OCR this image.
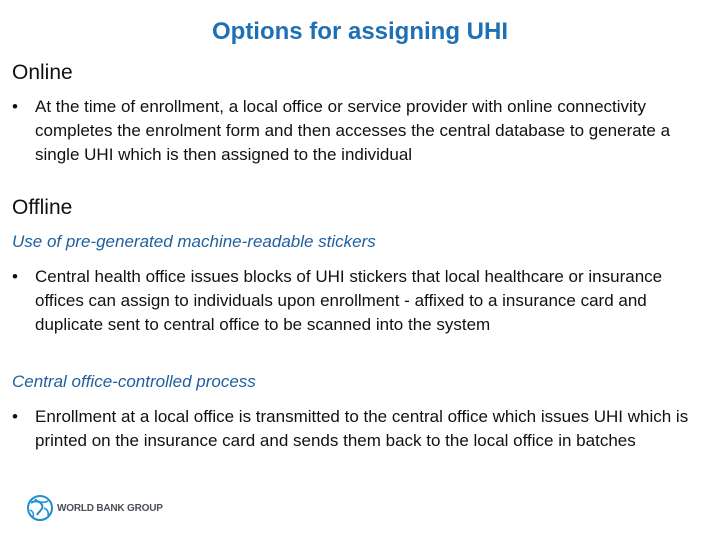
Options for assigning UHI
Online
•	At the time of enrollment, a local office or service provider with online connectivity completes the enrolment form and then accesses the central database to generate a single UHI which is then assigned to the individual
Offline
Use of pre-generated machine-readable stickers
•	Central health office issues blocks of UHI stickers that local healthcare or insurance offices can assign to individuals upon enrollment - affixed to a insurance card and duplicate sent to central office to be scanned into the system
Central office-controlled process
•	Enrollment at a local office is transmitted to the central office which issues UHI which is printed on the insurance card and sends them back to the local office in batches
WORLD BANK GROUP
